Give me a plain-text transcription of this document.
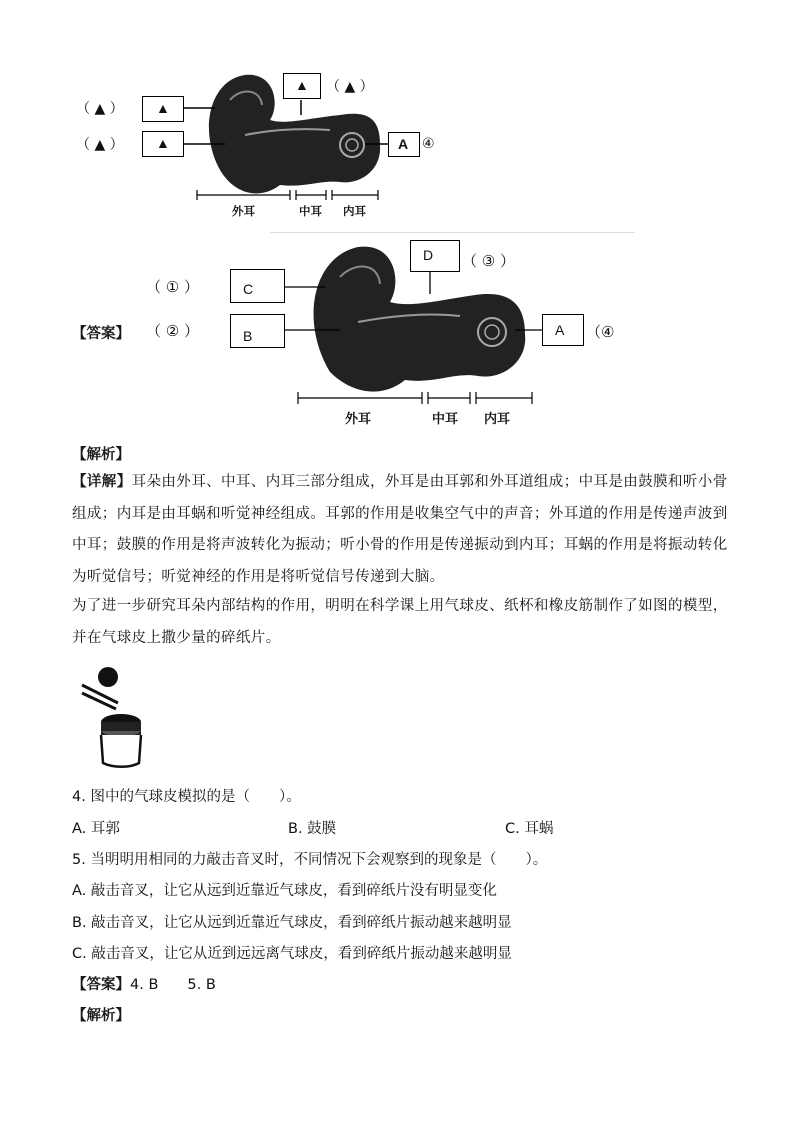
（ ▲ ）
（ ▲ ）
（ ▲ ）
▲
▲
▲
A ④
外耳	中耳 内耳
【答案】
（ ① ）
（ ② ）
（ ③ ）
C
B
D
A （④
外耳	中耳 内耳
【解析】
【详解】耳朵由外耳、中耳、内耳三部分组成，外耳是由耳郭和外耳道组成；中耳是由鼓膜和听小骨组成；内耳是由耳蜗和听觉神经组成。耳郭的作用是收集空气中的声音；外耳道的作用是传递声波到中耳；鼓膜的作用是将声波转化为振动；听小骨的作用是传递振动到内耳；耳蜗的作用是将振动转化为听觉信号；听觉神经的作用是将听觉信号传递到大脑。
为了进一步研究耳朵内部结构的作用，明明在科学课上用气球皮、纸杯和橡皮筋制作了如图的模型，并在气球皮上撒少量的碎纸片。
4. 图中的气球皮模拟的是（　　）。
A. 耳郭	B. 鼓膜	C. 耳蜗
5. 当明明用相同的力敲击音叉时，不同情况下会观察到的现象是（　　）。
A. 敲击音叉，让它从远到近靠近气球皮，看到碎纸片没有明显变化
B. 敲击音叉，让它从远到近靠近气球皮，看到碎纸片振动越来越明显
C. 敲击音叉，让它从近到远远离气球皮，看到碎纸片振动越来越明显
【答案】4. B　　5. B
【解析】
